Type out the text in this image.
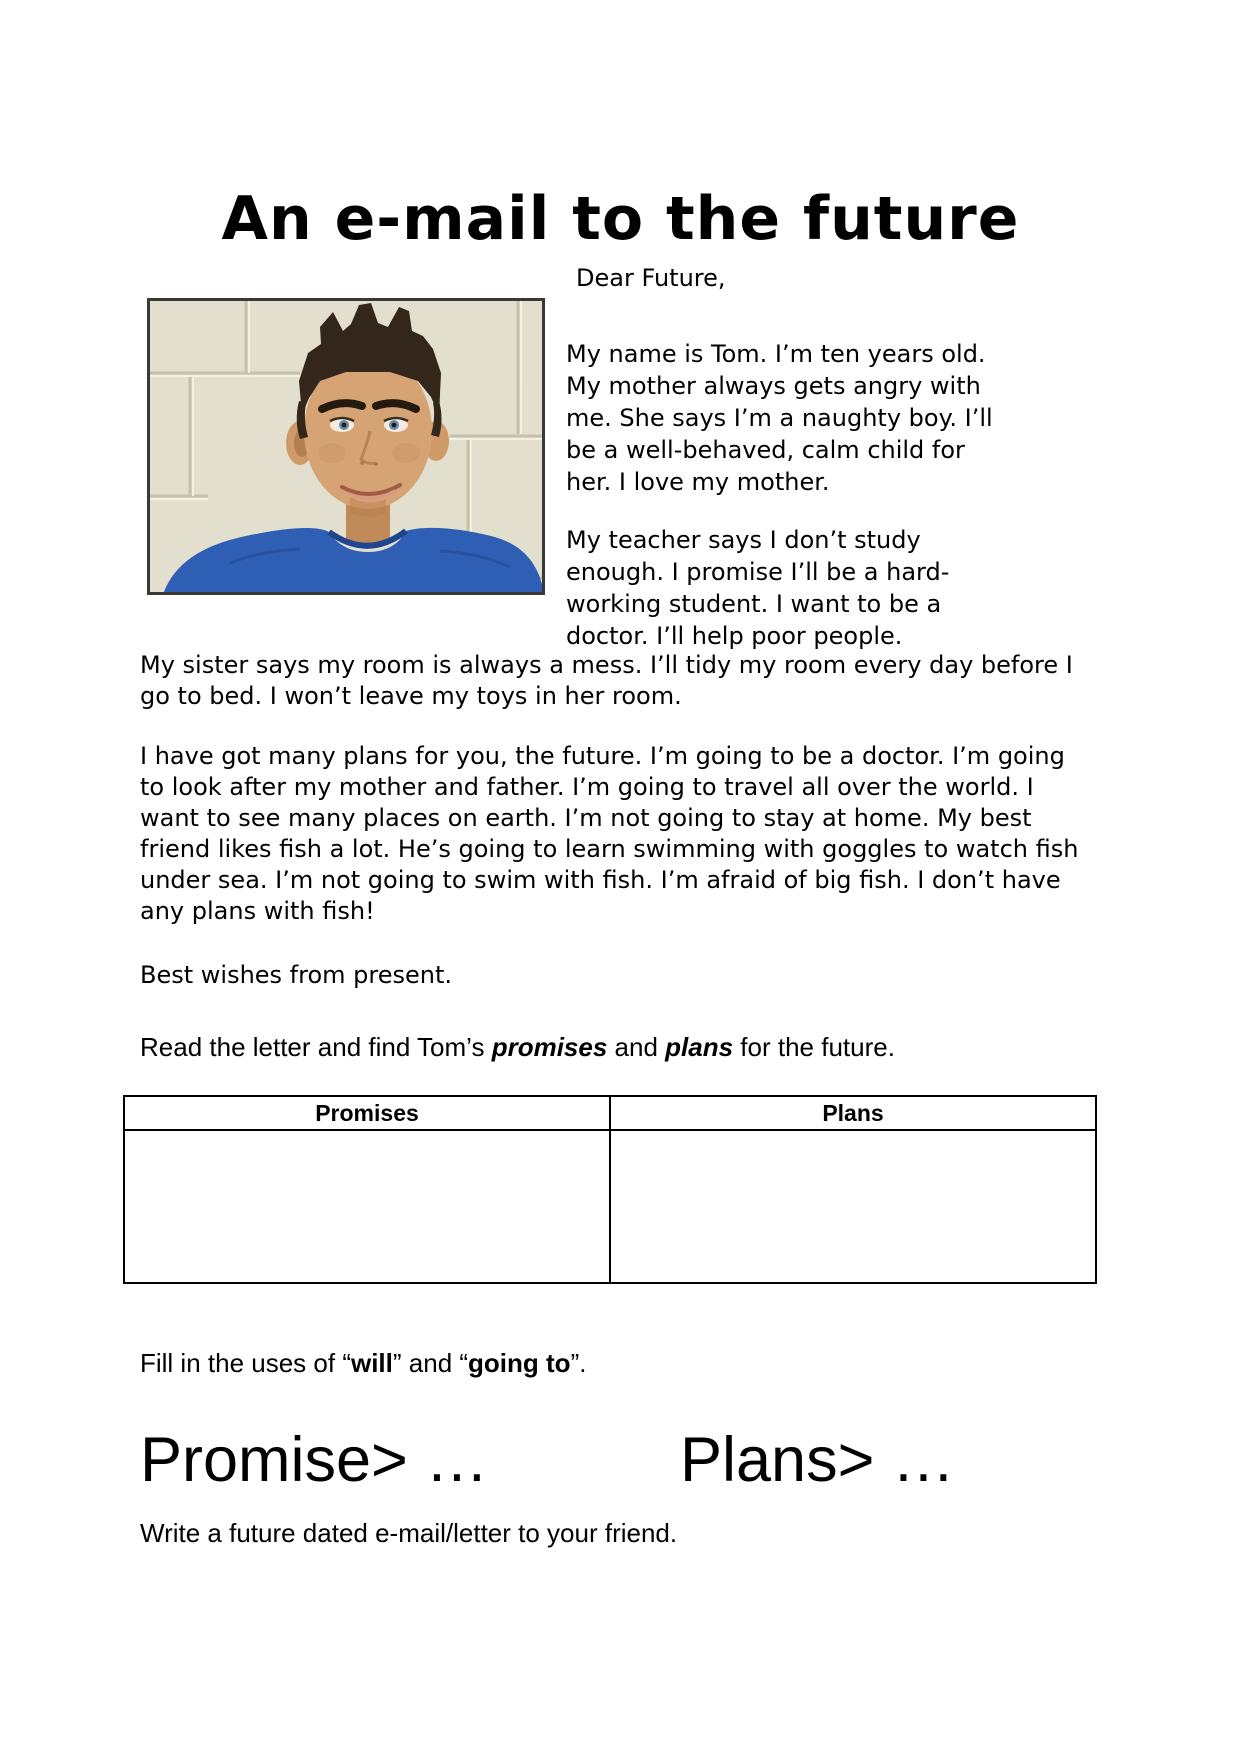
An e-mail to the future

Dear Future,

My name is Tom. I’m ten years old. My mother always gets angry with me. She says I’m a naughty boy. I’ll be a well-behaved, calm child for her. I love my mother.

My teacher says I don’t study enough. I promise I’ll be a hard-working student. I want to be a doctor. I’ll help poor people.

My sister says my room is always a mess. I’ll tidy my room every day before I go to bed. I won’t leave my toys in her room.

I have got many plans for you, the future. I’m going to be a doctor. I’m going to look after my mother and father. I’m going to travel all over the world. I want to see many places on earth. I’m not going to stay at home. My best friend likes fish a lot. He’s going to learn swimming with goggles to watch fish under sea. I’m not going to swim with fish. I’m afraid of big fish. I don’t have any plans with fish!

Best wishes from present.

Read the letter and find Tom’s promises and plans for the future.
Promises	Plans

Fill in the uses of “will” and “going to”.
Promise> …	Plans> …
Write a future dated e-mail/letter to your friend.
